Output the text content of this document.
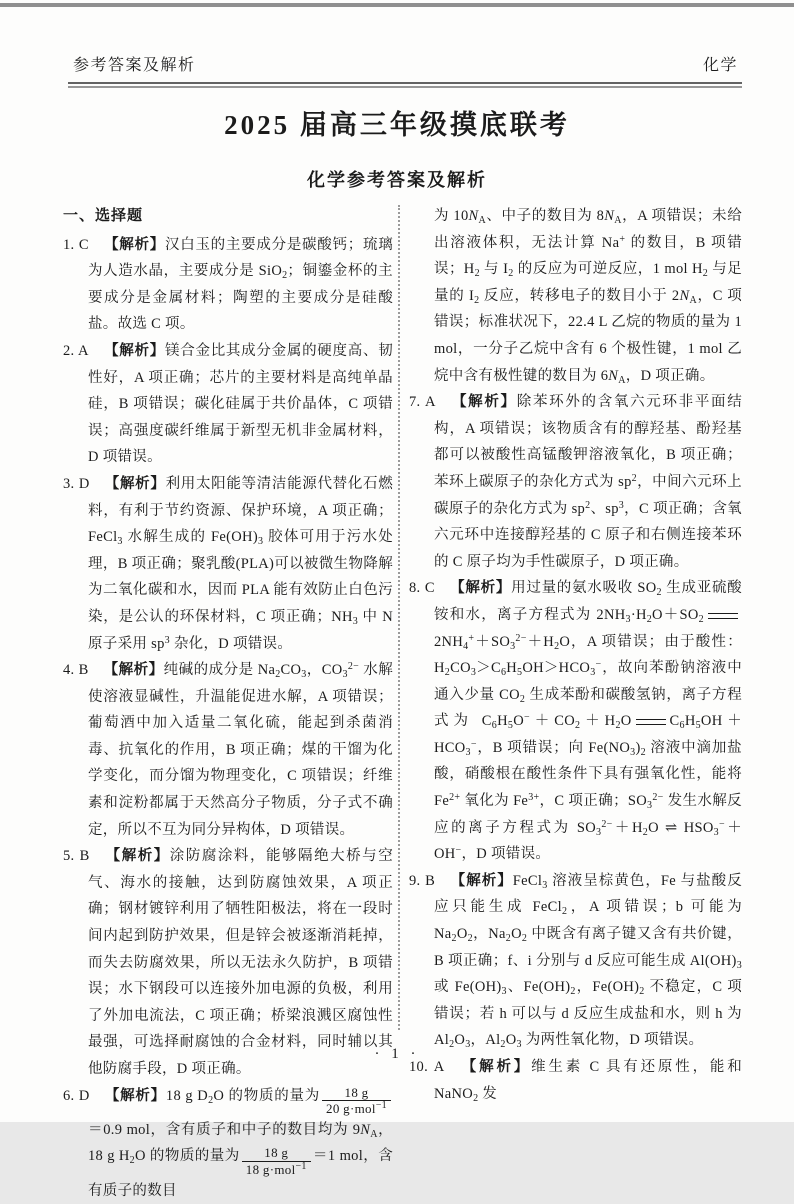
参考答案及解析	化学
2025 届高三年级摸底联考
化学参考答案及解析
一、选择题
1. C  【解析】汉白玉的主要成分是碳酸钙；琉璃为人造水晶，主要成分是 SiO$_2$；铜鎏金杯的主要成分是金属材料；陶塑的主要成分是硅酸盐。故选 C 项。
2. A  【解析】镁合金比其成分金属的硬度高、韧性好，A 项正确；芯片的主要材料是高纯单晶硅，B 项错误；碳化硅属于共价晶体，C 项错误；高强度碳纤维属于新型无机非金属材料，D 项错误。
3. D  【解析】利用太阳能等清洁能源代替化石燃料，有利于节约资源、保护环境，A 项正确；FeCl$_3$ 水解生成的 $Fe(OH)_3$ 胶体可用于污水处理，B 项正确；聚乳酸(PLA)可以被微生物降解为二氧化碳和水，因而 PLA 能有效防止白色污染，是公认的环保材料，C 项正确；$NH_3$ 中 N 原子采用 $sp^3$ 杂化，D 项错误。
4. B  【解析】纯碱的成分是 $Na_2CO_3$，$CO_3^{2-}$ 水解使溶液显碱性，升温能促进水解，A 项错误；葡萄酒中加入适量二氧化硫，能起到杀菌消毒、抗氧化的作用，B 项正确；煤的干馏为化学变化，而分馏为物理变化，C 项错误；纤维素和淀粉都属于天然高分子物质，分子式不确定，所以不互为同分异构体，D 项错误。
5. B  【解析】涂防腐涂料，能够隔绝大桥与空气、海水的接触，达到防腐蚀效果，A 项正确；钢材镀锌利用了牺牲阳极法，将在一段时间内起到防护效果，但是锌会被逐渐消耗掉，而失去防腐效果，所以无法永久防护，B 项错误；水下钢段可以连接外加电源的负极，利用了外加电流法，C 项正确；桥梁浪溅区腐蚀性最强，可选择耐腐蚀的合金材料，同时辅以其他防腐手段，D 项正确。
6. D  【解析】18 g $D_2O$ 的物质的量为 $\frac{18 g}{20 g\cdot mol^{-1}}$
＝0.9 mol，含有质子和中子的数目均为 $9N_A$，18 g $H_2O$ 的物质的量为 $\frac{18 g}{18 g\cdot mol^{-1}} =1$ mol，含有质子的数目
为 $10N_A$、中子的数目为 $8N_A$，A 项错误；未给出溶液体积，无法计算 Na+ 的数目，B 项错误；$H_2$ 与 $I_2$ 的反应为可逆反应，1 mol $H_2$ 与足量的 $I_2$ 反应，转移电子的数目小于 $2N_A$，C 项错误；标准状况下，22.4 L 乙烷的物质的量为 1 mol，一分子乙烷中含有 6 个极性键，1 mol 乙烷中含有极性键的数目为 $6N_A$，D 项正确。
7. A  【解析】除苯环外的含氧六元环非平面结构，A 项错误；该物质含有的醇羟基、酚羟基都可以被酸性高锰酸钾溶液氧化，B 项正确；苯环上碳原子的杂化方式为 $sp^2$，中间六元环上碳原子的杂化方式为 $sp^2$、$sp^3$，C 项正确；含氧六元环中连接醇羟基的 C 原子和右侧连接苯环的 C 原子均为手性碳原子，D 项正确。
8. C  【解析】用过量的氨水吸收 $SO_2$ 生成亚硫酸铵和水，离子方程式为 $2NH_3\cdot H_2O+SO_22NH_4^++SO_3^{2-}+H_2O$，A 项错误；由于酸性：$H_2CO_3>C_6H_5OH>HCO_3^-$，故向苯酚钠溶液中通入少量 $CO_2$ 生成苯酚和碳酸氢钠，离子方程式为 $C_6H_5O^-+CO_2+H_2O$	$C_6H_5OH+HCO_3^-$，B 项错误；向 $Fe(NO_3)_2$ 溶液中滴加盐酸，硝酸根在酸性条件下具有强氧化性，能将 $Fe^{2+}$ 氧化为 $Fe^{3+}$，C 项正确；$SO_3^{2-}$ 发生水解反应的离子方程式为 $SO_3^{2-}+H_2O$ ⇌ $HSO_3^-+OH^-$，D 项错误。
9. B  【解析】FeCl$_3$ 溶液呈棕黄色，Fe 与盐酸反应只能生成 FeCl$_2$，A 项错误；b 可能为 $Na_2O_2$，$Na_2O_2$ 中既含有离子键又含有共价键，B 项正确；f、i 分别与 d 反应可能生成 $Al(OH)_3$ 或 $Fe(OH)_3$、$Fe(OH)_2$，$Fe(OH)_2$ 不稳定，C 项错误；若 h 可以与 d 反应生成盐和水，则 h 为 $Al_2O_3$，$Al_2O_3$ 为两性氧化物，D 项错误。
10. A  【解析】维生素 C 具有还原性，能和 NaNO$_2$ 发
· 1 ·
